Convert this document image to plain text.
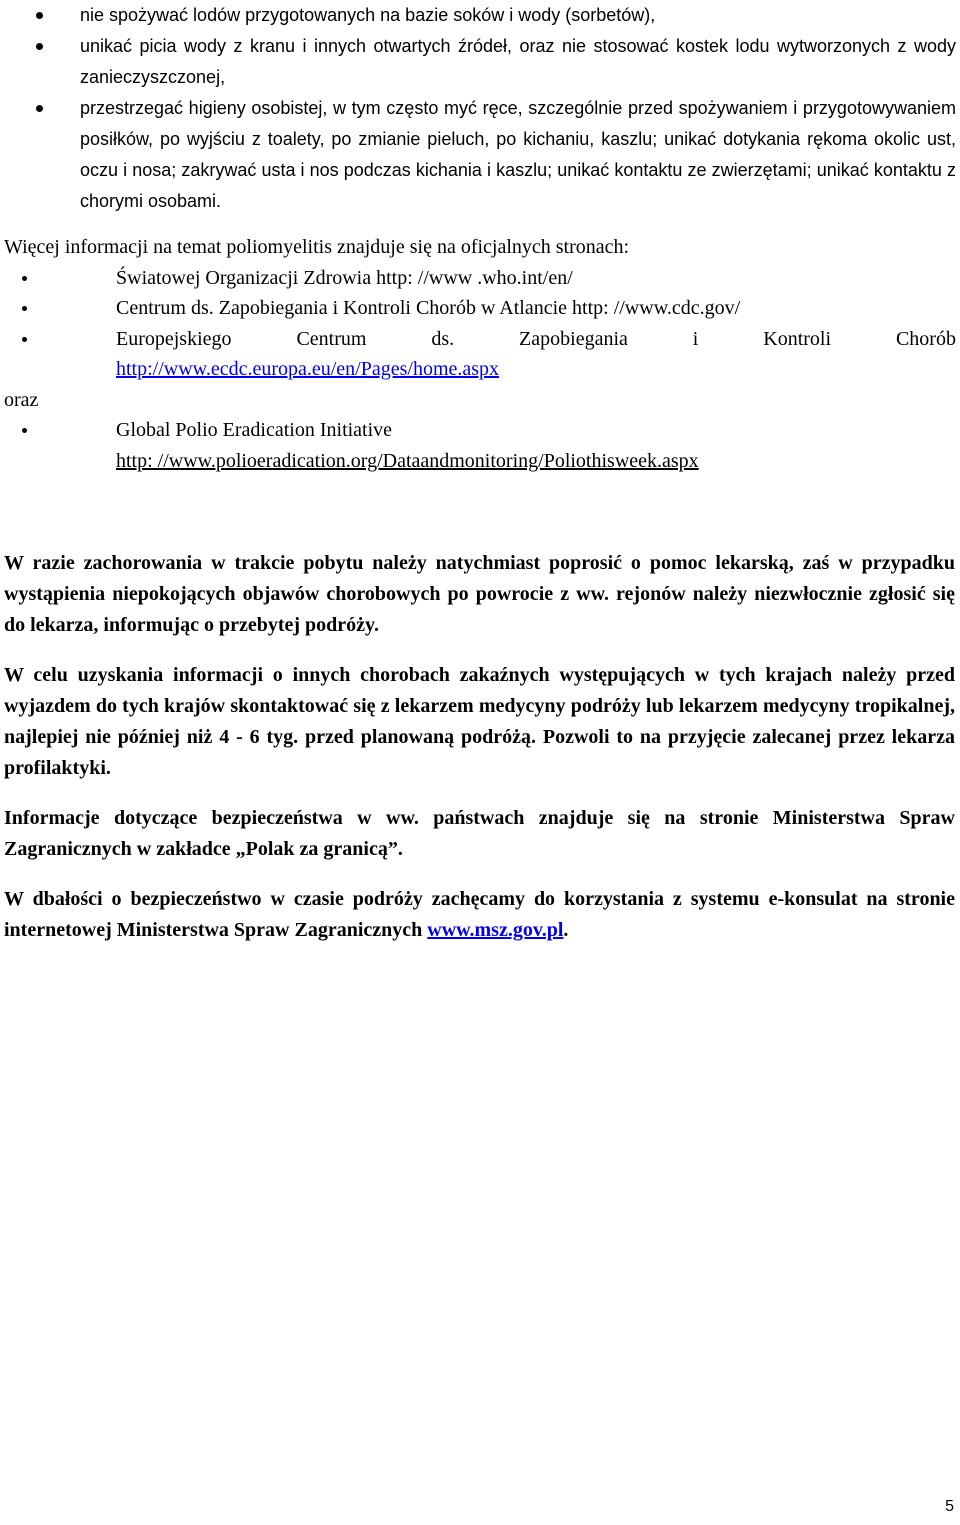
nie spożywać lodów przygotowanych na bazie soków i wody (sorbetów),
unikać picia wody z kranu i innych otwartych źródeł, oraz nie stosować kostek lodu wytworzonych z wody zanieczyszczonej,
przestrzegać higieny osobistej, w tym często myć ręce, szczególnie przed spożywaniem i przygotowywaniem posiłków, po wyjściu z toalety, po zmianie pieluch, po kichaniu, kaszlu; unikać dotykania rękoma okolic ust, oczu i nosa; zakrywać usta i nos podczas kichania i kaszlu; unikać kontaktu ze zwierzętami; unikać kontaktu z chorymi osobami.

Więcej informacji na temat poliomyelitis znajduje się na oficjalnych stronach:

Światowej Organizacji Zdrowia http: //www .who.int/en/
Centrum ds. Zapobiegania i Kontroli Chorób w Atlancie http: //www.cdc.gov/
Europejskiego	Centrum	ds.	Zapobiegania	i	Kontroli	Chorób
http://www.ecdc.europa.eu/en/Pages/home.aspx

oraz

Global Polio Eradication Initiative
http: //www.polioeradication.org/Dataandmonitoring/Poliothisweek.aspx

W razie zachorowania w trakcie pobytu należy natychmiast poprosić o pomoc lekarską, zaś w przypadku wystąpienia niepokojących objawów chorobowych po powrocie z ww. rejonów należy niezwłocznie zgłosić się do lekarza, informując o przebytej podróży.

W celu uzyskania informacji o innych chorobach zakaźnych występujących w tych krajach należy przed wyjazdem do tych krajów skontaktować się z lekarzem medycyny podróży lub lekarzem medycyny tropikalnej, najlepiej nie później niż 4 - 6 tyg. przed planowaną podróżą. Pozwoli to na przyjęcie zalecanej przez lekarza profilaktyki.

Informacje dotyczące bezpieczeństwa w ww. państwach znajduje się na stronie Ministerstwa Spraw Zagranicznych w zakładce „Polak za granicą”.

W dbałości o bezpieczeństwo w czasie podróży zachęcamy do korzystania z systemu e-konsulat na stronie internetowej Ministerstwa Spraw Zagranicznych www.msz.gov.pl.

5
